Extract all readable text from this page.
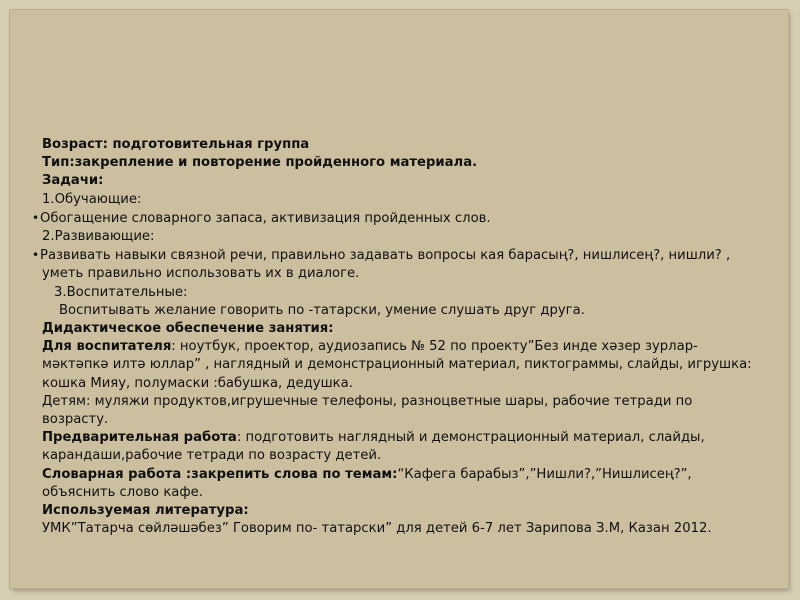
Возраст: подготовительная группа
Тип:закрепление и повторение пройденного материала.
Задачи:
1.Обучающие:
•Обогащение словарного запаса, активизация пройденных слов.
2.Развивающие:
•Развивать навыки связной речи, правильно задавать вопросы кая барасың?, нишлисең?, нишли? ,
уметь правильно использовать их в диалоге.
3.Воспитательные:
Воспитывать желание говорить по -татарски, умение слушать друг друга.
Дидактическое обеспечение занятия:
Для воспитателя: ноутбук, проектор, аудиозапись № 52 по проекту”Без инде хәзер зурлар-
мәктәпкә илтә юллар” , наглядный и демонстрационный материал, пиктограммы, слайды, игрушка:
кошка Мияу, полумаски :бабушка, дедушка.
Детям: муляжи продуктов,игрушечные телефоны, разноцветные шары, рабочие тетради по
возрасту.
Предварительная работа: подготовить наглядный и демонстрационный материал, слайды,
карандаши,рабочие тетради по возрасту детей.
Словарная работа :закрепить слова по темам:“Кафега барабыз”,”Нишли?,”Нишлисең?”,
объяснить слово кафе.
Используемая литература:
УМК”Татарча сөйләшәбез” Говорим по- татарски” для детей 6-7 лет Зарипова З.М, Казан 2012.
